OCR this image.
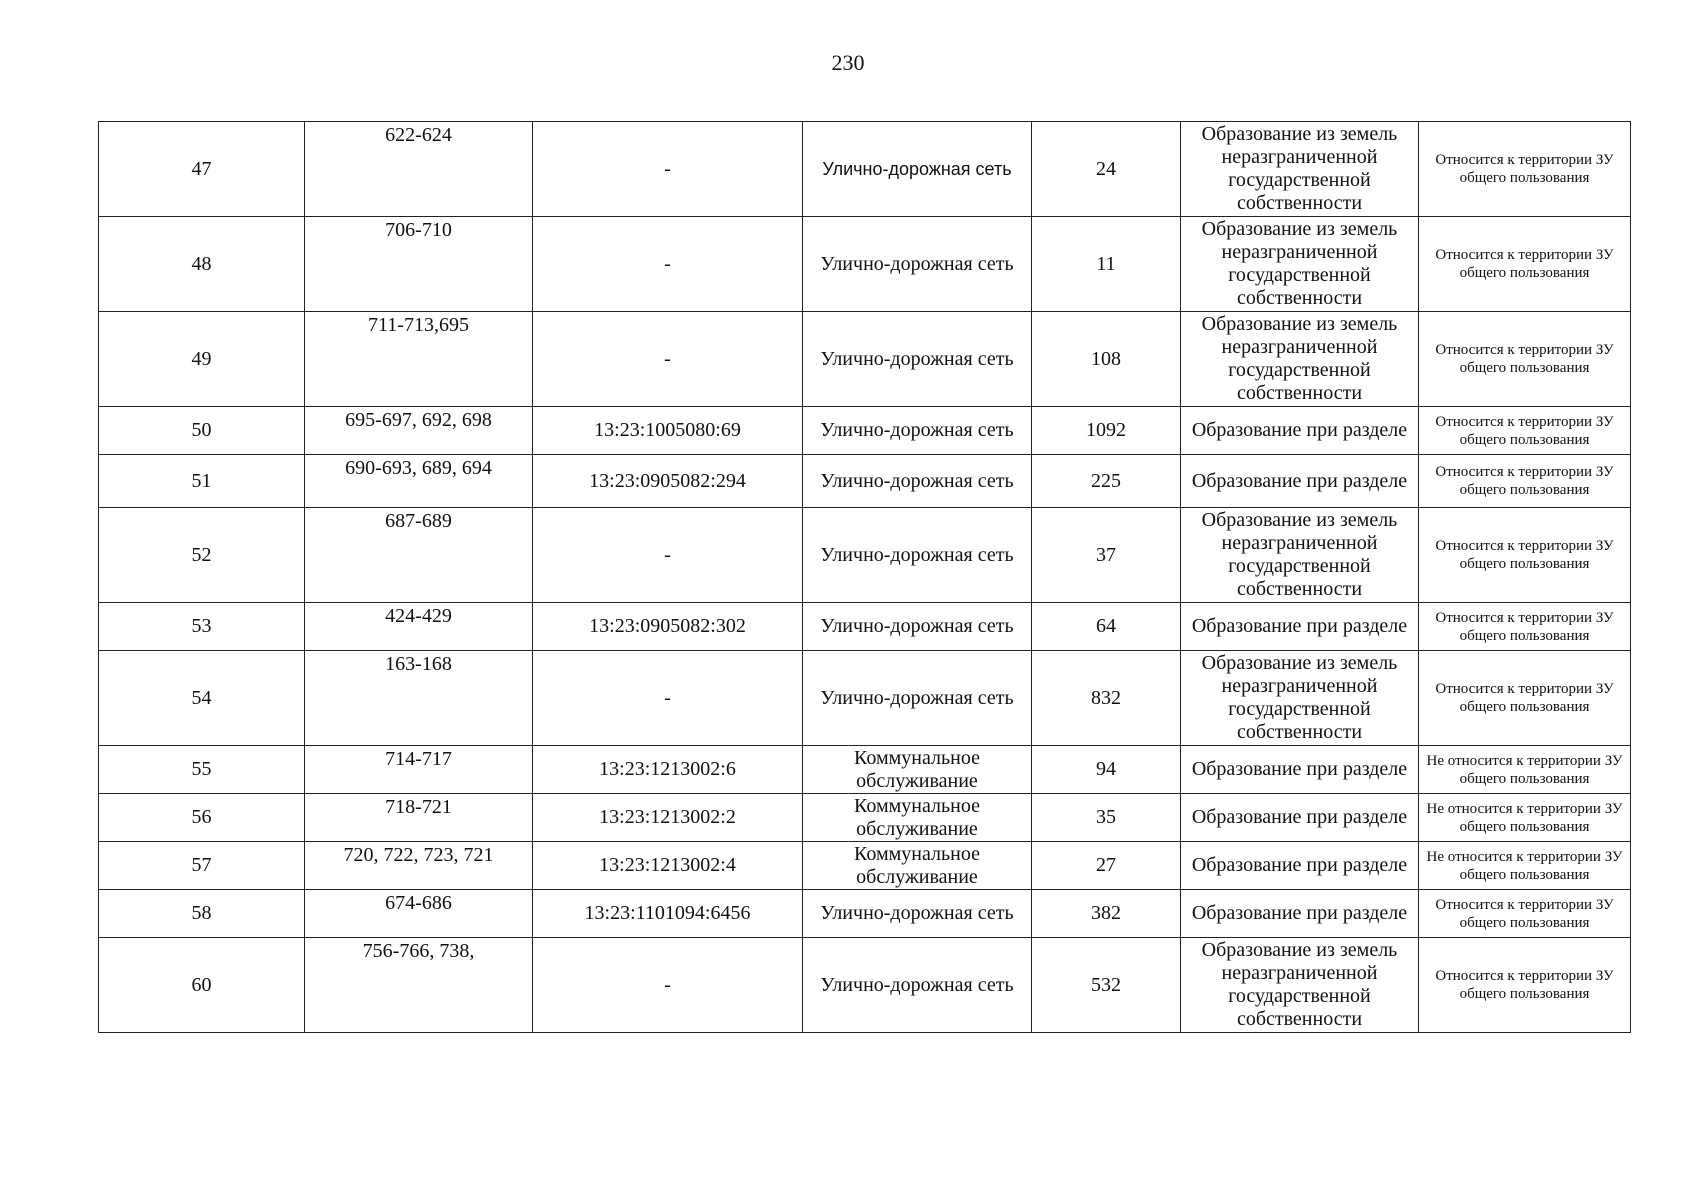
230
47	622-624	-	Улично-дорожная сеть	24	Образование из земель неразграниченной государственной собственности	Относится к территории ЗУ общего пользования
48	706-710	-	Улично-дорожная сеть	11	Образование из земель неразграниченной государственной собственности	Относится к территории ЗУ общего пользования
49	711-713,695	-	Улично-дорожная сеть	108	Образование из земель неразграниченной государственной собственности	Относится к территории ЗУ общего пользования
50	695-697, 692, 698	13:23:1005080:69	Улично-дорожная сеть	1092	Образование при разделе	Относится к территории ЗУ общего пользования
51	690-693, 689, 694	13:23:0905082:294	Улично-дорожная сеть	225	Образование при разделе	Относится к территории ЗУ общего пользования
52	687-689	-	Улично-дорожная сеть	37	Образование из земель неразграниченной государственной собственности	Относится к территории ЗУ общего пользования
53	424-429	13:23:0905082:302	Улично-дорожная сеть	64	Образование при разделе	Относится к территории ЗУ общего пользования
54	163-168	-	Улично-дорожная сеть	832	Образование из земель неразграниченной государственной собственности	Относится к территории ЗУ общего пользования
55	714-717	13:23:1213002:6	Коммунальное обслуживание	94	Образование при разделе	Не относится к территории ЗУ общего пользования
56	718-721	13:23:1213002:2	Коммунальное обслуживание	35	Образование при разделе	Не относится к территории ЗУ общего пользования
57	720, 722, 723, 721	13:23:1213002:4	Коммунальное обслуживание	27	Образование при разделе	Не относится к территории ЗУ общего пользования
58	674-686	13:23:1101094:6456	Улично-дорожная сеть	382	Образование при разделе	Относится к территории ЗУ общего пользования
60	756-766, 738,	-	Улично-дорожная сеть	532	Образование из земель неразграниченной государственной собственности	Относится к территории ЗУ общего пользования
